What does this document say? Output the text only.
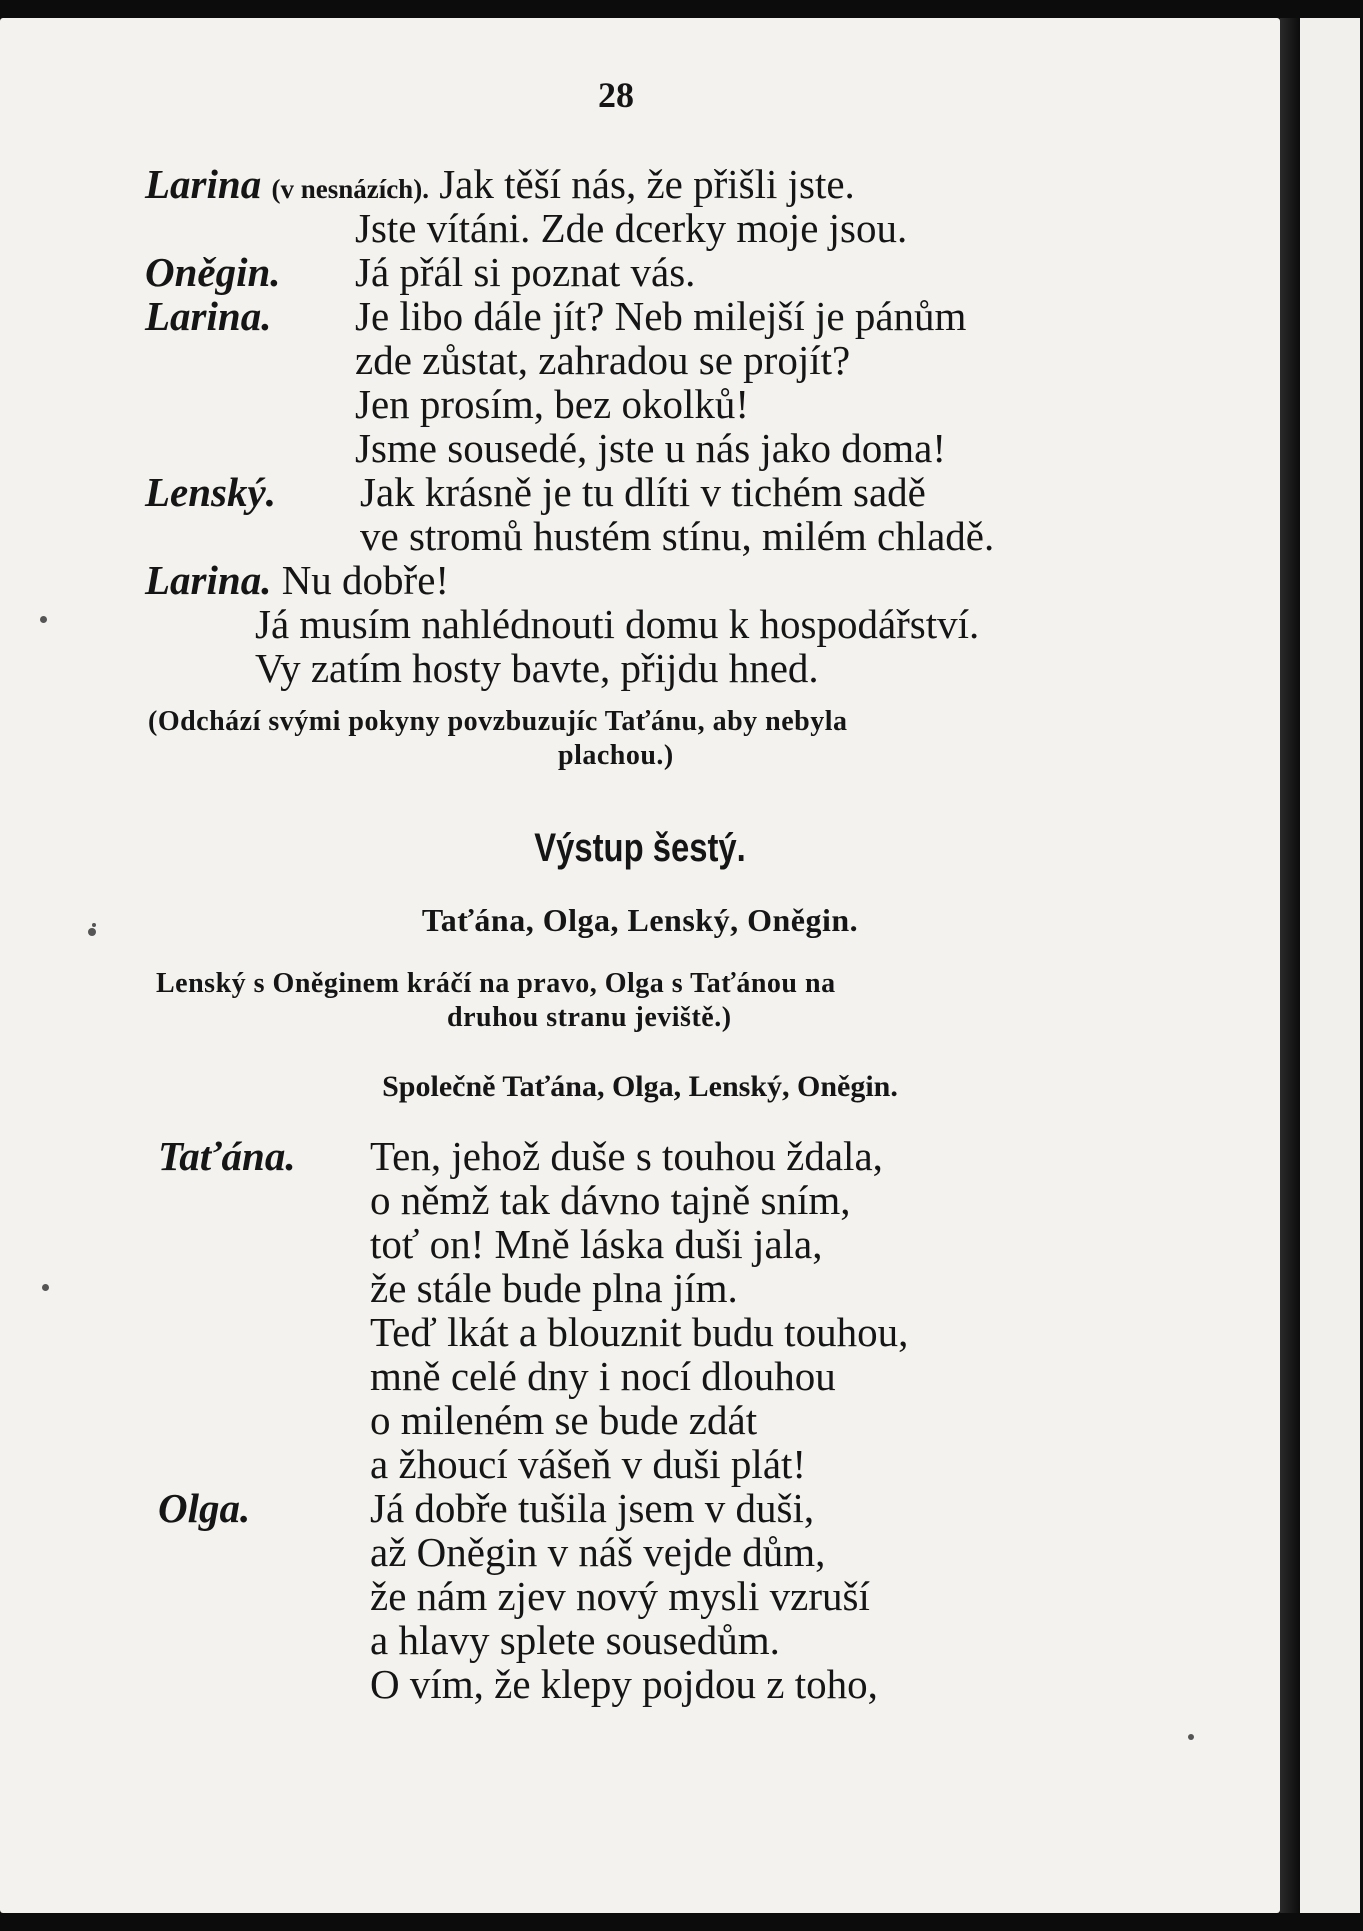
28
Larina (v nesnázích). Jak těší nás, že přišli jste.
Jste vítáni. Zde dcerky moje jsou.
Oněgin. Já přál si poznat vás.
Larina. Je libo dále jít? Neb milejší je pánům
zde zůstat, zahradou se projít?
Jen prosím, bez okolků!
Jsme sousedé, jste u nás jako doma!
Lenský. Jak krásně je tu dlíti v tichém sadě
ve stromů hustém stínu, milém chladě.
Larina. Nu dobře!
Já musím nahlédnouti domu k hospodářství.
Vy zatím hosty bavte, přijdu hned.
(Odchází svými pokyny povzbuzujíc Taťánu, aby nebyla
plachou.)
Výstup šestý.
Taťána, Olga, Lenský, Oněgin.
Lenský s Oněginem kráčí na pravo, Olga s Taťánou na
druhou stranu jeviště.)
Společně Taťána, Olga, Lenský, Oněgin.
Taťána. Ten, jehož duše s touhou ždala,
o němž tak dávno tajně sním,
toť on! Mně láska duši jala,
že stále bude plna jím.
Teď lkát a blouznit budu touhou,
mně celé dny i nocí dlouhou
o mileném se bude zdát
a žhoucí vášeň v duši plát!
Olga.	Já dobře tušila jsem v duši,
až Oněgin v náš vejde dům,
že nám zjev nový mysli vzruší
a hlavy splete sousedům.
O vím, že klepy pojdou z toho,
